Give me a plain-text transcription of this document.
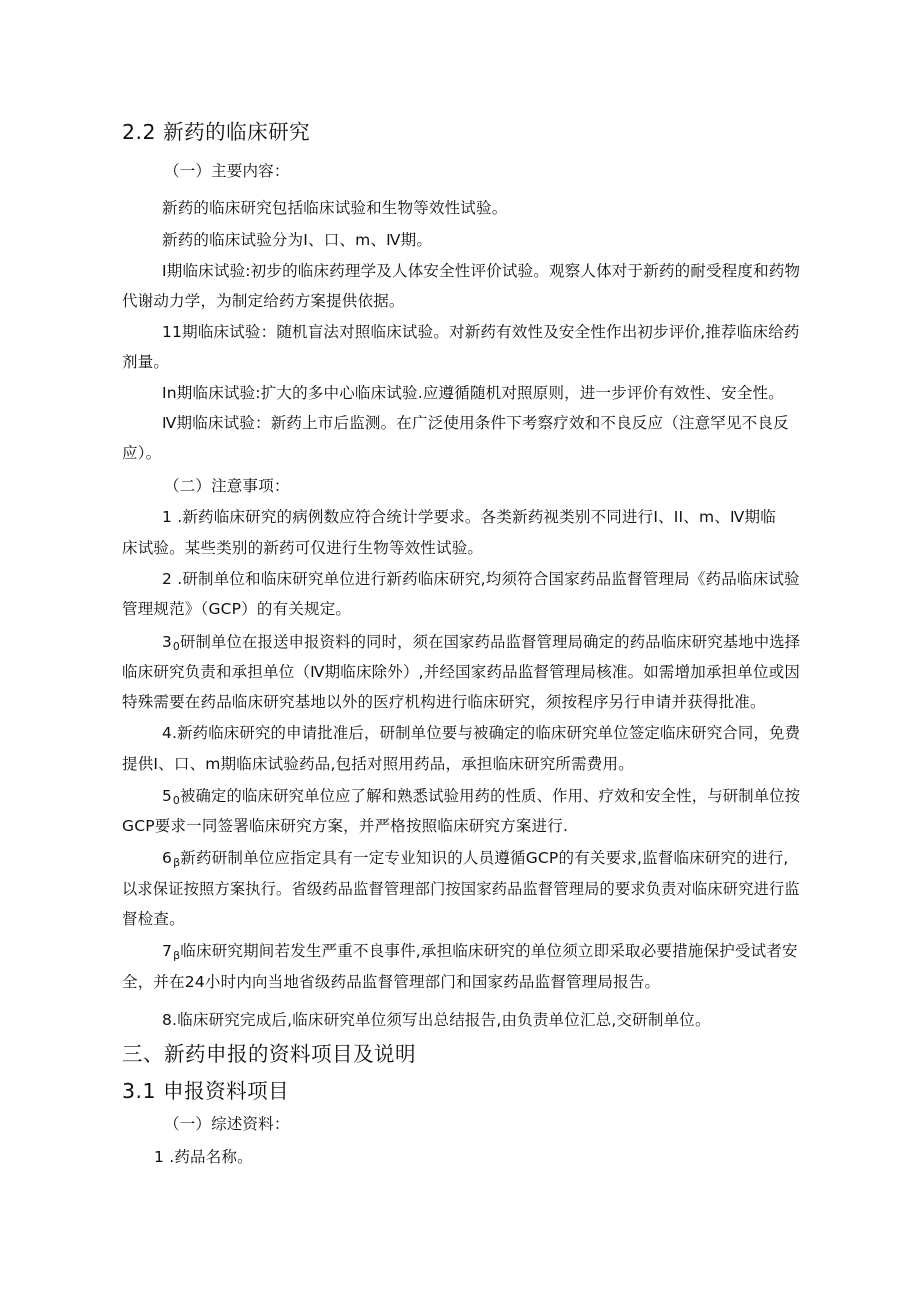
2.2 新药的临床研究
（一）主要内容：
新药的临床研究包括临床试验和生物等效性试验。
新药的临床试验分为Ⅰ、口、m、Ⅳ期。
Ⅰ期临床试验:初步的临床药理学及人体安全性评价试验。观察人体对于新药的耐受程度和药物
代谢动力学，为制定给药方案提供依据。
11期临床试验：随机盲法对照临床试验。对新药有效性及安全性作出初步评价,推荐临床给药
剂量。
In期临床试验:扩大的多中心临床试验.应遵循随机对照原则，进一步评价有效性、安全性。
Ⅳ期临床试验：新药上市后监测。在广泛使用条件下考察疗效和不良反应（注意罕见不良反
应）。
（二）注意事项：
1 .新药临床研究的病例数应符合统计学要求。各类新药视类别不同进行Ⅰ、II、m、Ⅳ期临
床试验。某些类别的新药可仅进行生物等效性试验。
2 .研制单位和临床研究单位进行新药临床研究,均须符合国家药品监督管理局《药品临床试验
管理规范》（GCP）的有关规定。
$3_0$研制单位在报送申报资料的同时，须在国家药品监督管理局确定的药品临床研究基地中选择
临床研究负责和承担单位（Ⅳ期临床除外）,并经国家药品监督管理局核准。如需增加承担单位或因
特殊需要在药品临床研究基地以外的医疗机构进行临床研究，须按程序另行申请并获得批准。
4.新药临床研究的申请批准后，研制单位要与被确定的临床研究单位签定临床研究合同，免费
提供Ⅰ、口、m期临床试验药品,包括对照用药品，承担临床研究所需费用。
$5_0$被确定的临床研究单位应了解和熟悉试验用药的性质、作用、疗效和安全性，与研制单位按
GCP要求一同签署临床研究方案，并严格按照临床研究方案进行.
$6_\beta$新药研制单位应指定具有一定专业知识的人员遵循GCP的有关要求,监督临床研究的进行,
以求保证按照方案执行。省级药品监督管理部门按国家药品监督管理局的要求负责对临床研究进行监
督检查。
$7_\beta$临床研究期间若发生严重不良事件,承担临床研究的单位须立即采取必要措施保护受试者安
全，并在24小时内向当地省级药品监督管理部门和国家药品监督管理局报告。
8.临床研究完成后,临床研究单位须写出总结报告,由负责单位汇总,交研制单位。
三、新药申报的资料项目及说明
3.1 申报资料项目
（一）综述资料：
1 .药品名称。
